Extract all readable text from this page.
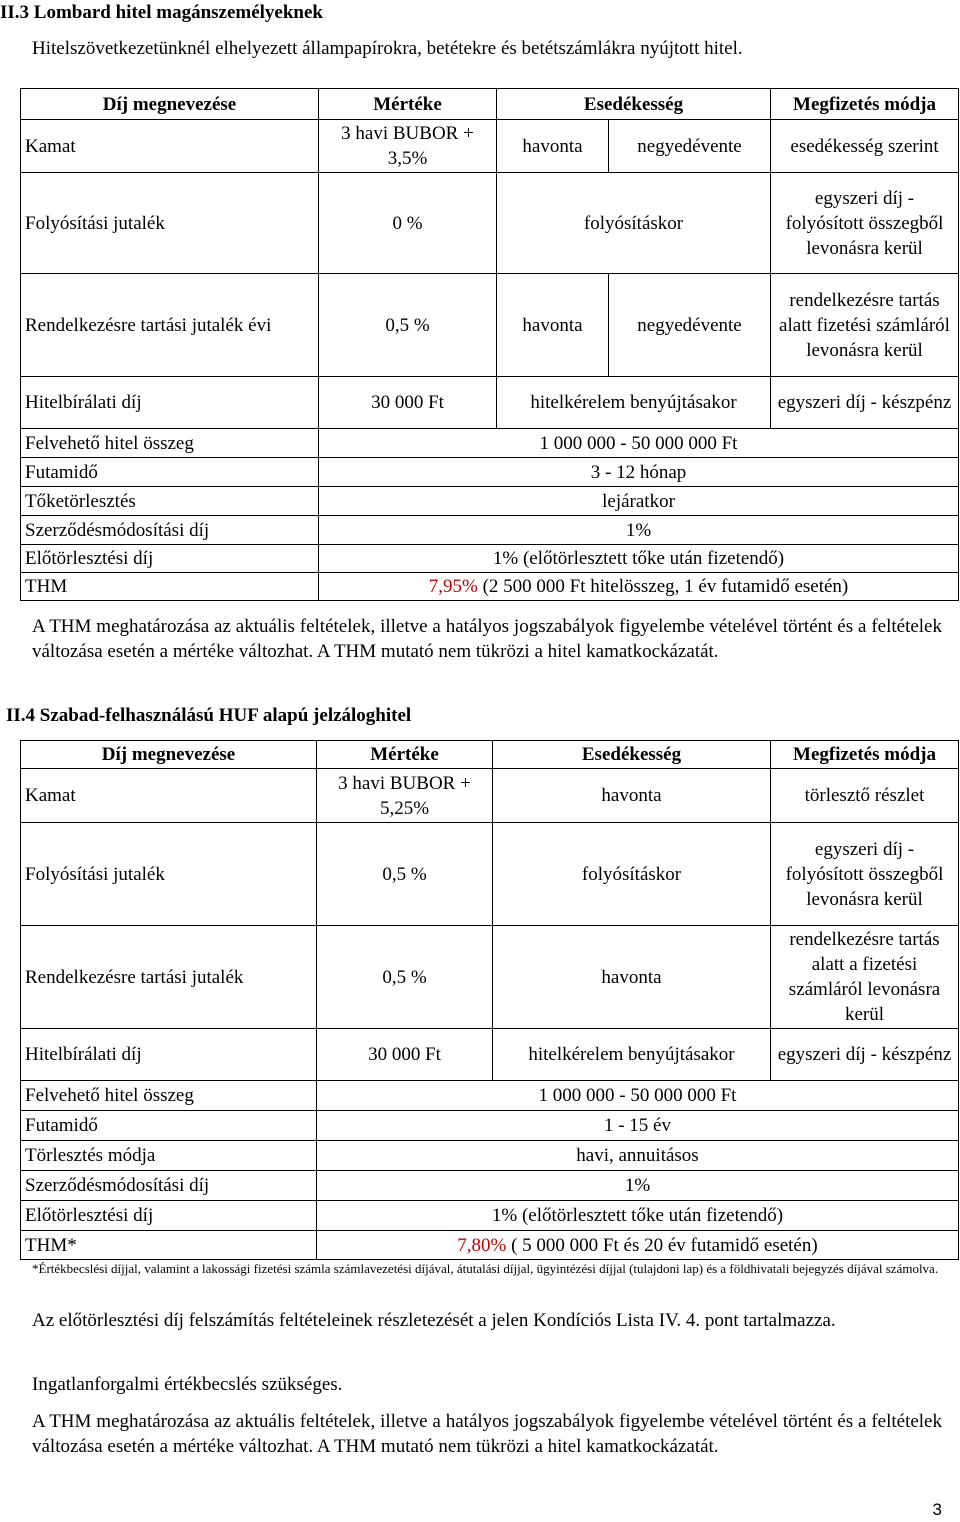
II.3 Lombard hitel magánszemélyeknek
Hitelszövetkezetünknél elhelyezett állampapírokra, betétekre és betétszámlákra nyújtott hitel.
Díj megnevezése	Mértéke	Esedékesség		Megfizetés módja
Kamat	3 havi BUBOR + 3,5%	havonta	negyedévente	esedékesség szerint
Folyósítási jutalék	0 %	folyósításkor		egyszeri díj - folyósított összegből levonásra kerül
Rendelkezésre tartási jutalék évi	0,5 %	havonta	negyedévente	rendelkezésre tartás alatt fizetési számláról levonásra kerül
Hitelbírálati díj	30 000 Ft	hitelkérelem benyújtásakor		egyszeri díj - készpénz
Felvehető hitel összeg	1 000 000 - 50 000 000 Ft			
Futamidő	3 - 12 hónap			
Tőketörlesztés	lejáratkor			
Szerződésmódosítási díj	1%			
Előtörlesztési díj	1% (előtörlesztett tőke után fizetendő)			
THM	7,95% (2 500 000 Ft hitelösszeg, 1 év futamidő esetén)			
A THM meghatározása az aktuális feltételek, illetve a hatályos jogszabályok figyelembe vételével történt és a feltételek változása esetén a mértéke változhat. A THM mutató nem tükrözi a hitel kamatkockázatát.
II.4 Szabad-felhasználású HUF alapú jelzáloghitel
Díj megnevezése	Mértéke	Esedékesség	Megfizetés módja
Kamat	3 havi BUBOR + 5,25%	havonta	törlesztő részlet
Folyósítási jutalék	0,5 %	folyósításkor	egyszeri díj - folyósított összegből levonásra kerül
Rendelkezésre tartási jutalék	0,5 %	havonta	rendelkezésre tartás alatt a fizetési számláról levonásra kerül
Hitelbírálati díj	30 000 Ft	hitelkérelem benyújtásakor	egyszeri díj - készpénz
Felvehető hitel összeg	1 000 000 - 50 000 000 Ft		
Futamidő	1 - 15 év		
Törlesztés módja	havi, annuitásos		
Szerződésmódosítási díj	1%		
Előtörlesztési díj	1% (előtörlesztett tőke után fizetendő)		
THM*	7,80% ( 5 000 000 Ft és 20 év futamidő esetén)		
*Értékbecslési díjjal, valamint a lakossági fizetési számla számlavezetési díjával, átutalási díjjal, ügyintézési díjjal (tulajdoni lap) és a földhivatali bejegyzés díjával számolva.
Az előtörlesztési díj felszámítás feltételeinek részletezését a jelen Kondíciós Lista IV. 4. pont tartalmazza.
Ingatlanforgalmi értékbecslés szükséges.
A THM meghatározása az aktuális feltételek, illetve a hatályos jogszabályok figyelembe vételével történt és a feltételek változása esetén a mértéke változhat. A THM mutató nem tükrözi a hitel kamatkockázatát.
3
